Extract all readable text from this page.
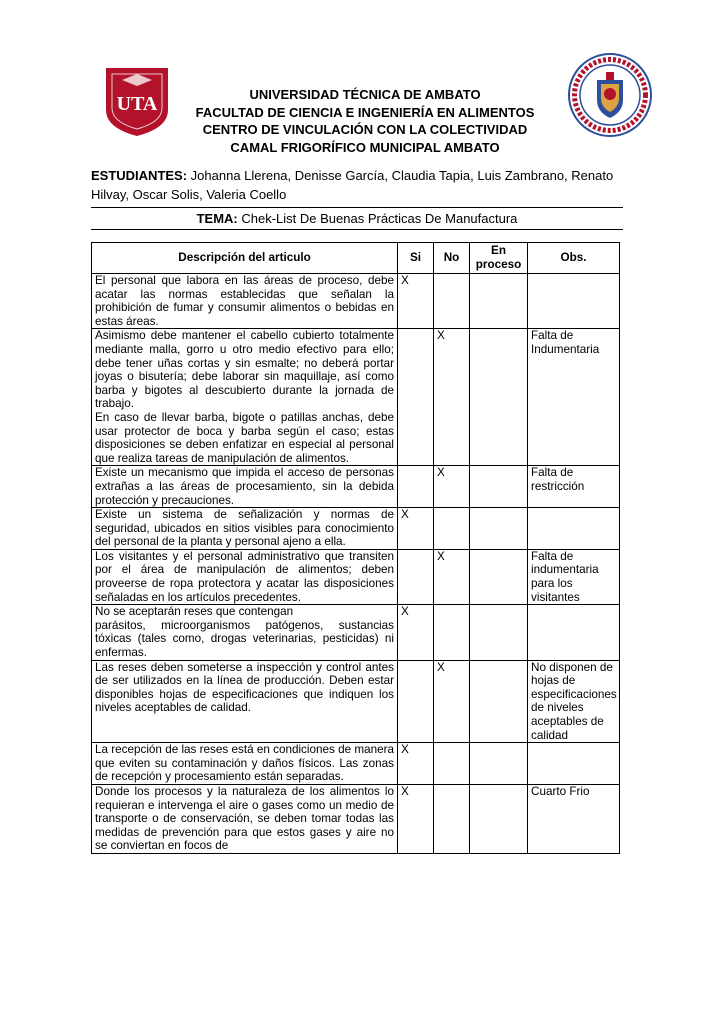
UTA	UNIVERSIDAD TÉCNICA DE AMBATO
FACULTAD DE CIENCIA E INGENIERÍA EN ALIMENTOS
CENTRO DE VINCULACIÓN CON LA COLECTIVIDAD
CAMAL FRIGORÍFICO MUNICIPAL AMBATO
ESTUDIANTES: Johanna Llerena, Denisse García, Claudia Tapia, Luis Zambrano, Renato Hilvay, Oscar Solis, Valeria Coello
TEMA: Chek-List De Buenas Prácticas De Manufactura
Descripción del articulo	Si	No	En proceso	Obs.
El personal que labora en las áreas de proceso, debe acatar las normas establecidas que señalan la prohibición de fumar y consumir alimentos o bebidas en estas áreas.	X			
Asimismo debe mantener el cabello cubierto totalmente mediante malla, gorro u otro medio efectivo para ello; debe tener uñas cortas y sin esmalte; no deberá portar joyas o bisutería; debe laborar sin maquillaje, así como barba y bigotes al descubierto durante la jornada de trabajo.
En caso de llevar barba, bigote o patillas anchas, debe usar protector de boca y barba según el caso; estas disposiciones se deben enfatizar en especial al personal que realiza tareas de manipulación de alimentos.		X		Falta de Indumentaria
Existe un mecanismo que impida el acceso de personas extrañas a las áreas de procesamiento, sin la debida protección y precauciones.		X		Falta de restricción
Existe un sistema de señalización y normas de seguridad, ubicados en sitios visibles para conocimiento del personal de la planta y personal ajeno a ella.	X			
Los visitantes y el personal administrativo que transiten por el área de manipulación de alimentos; deben proveerse de ropa protectora y acatar las disposiciones señaladas en los artículos precedentes.		X		Falta de indumentaria para los visitantes
No se aceptarán reses que contengan
parásitos, microorganismos patógenos, sustancias tóxicas (tales como, drogas veterinarias, pesticidas) ni enfermas.	X			
Las reses deben someterse a inspección y control antes de ser utilizados en la línea de producción. Deben estar disponibles hojas de especificaciones que indiquen los niveles aceptables de calidad.		X		No disponen de hojas de especificaciones de niveles aceptables de calidad
La recepción de las reses está en condiciones de manera que eviten su contaminación y daños físicos. Las zonas de recepción y procesamiento están separadas.	X			
Donde los procesos y la naturaleza de los alimentos lo requieran e intervenga el aire o gases como un medio de transporte o de conservación, se deben tomar todas las medidas de prevención para que estos gases y aire no se conviertan en focos de	X			Cuarto Frio
